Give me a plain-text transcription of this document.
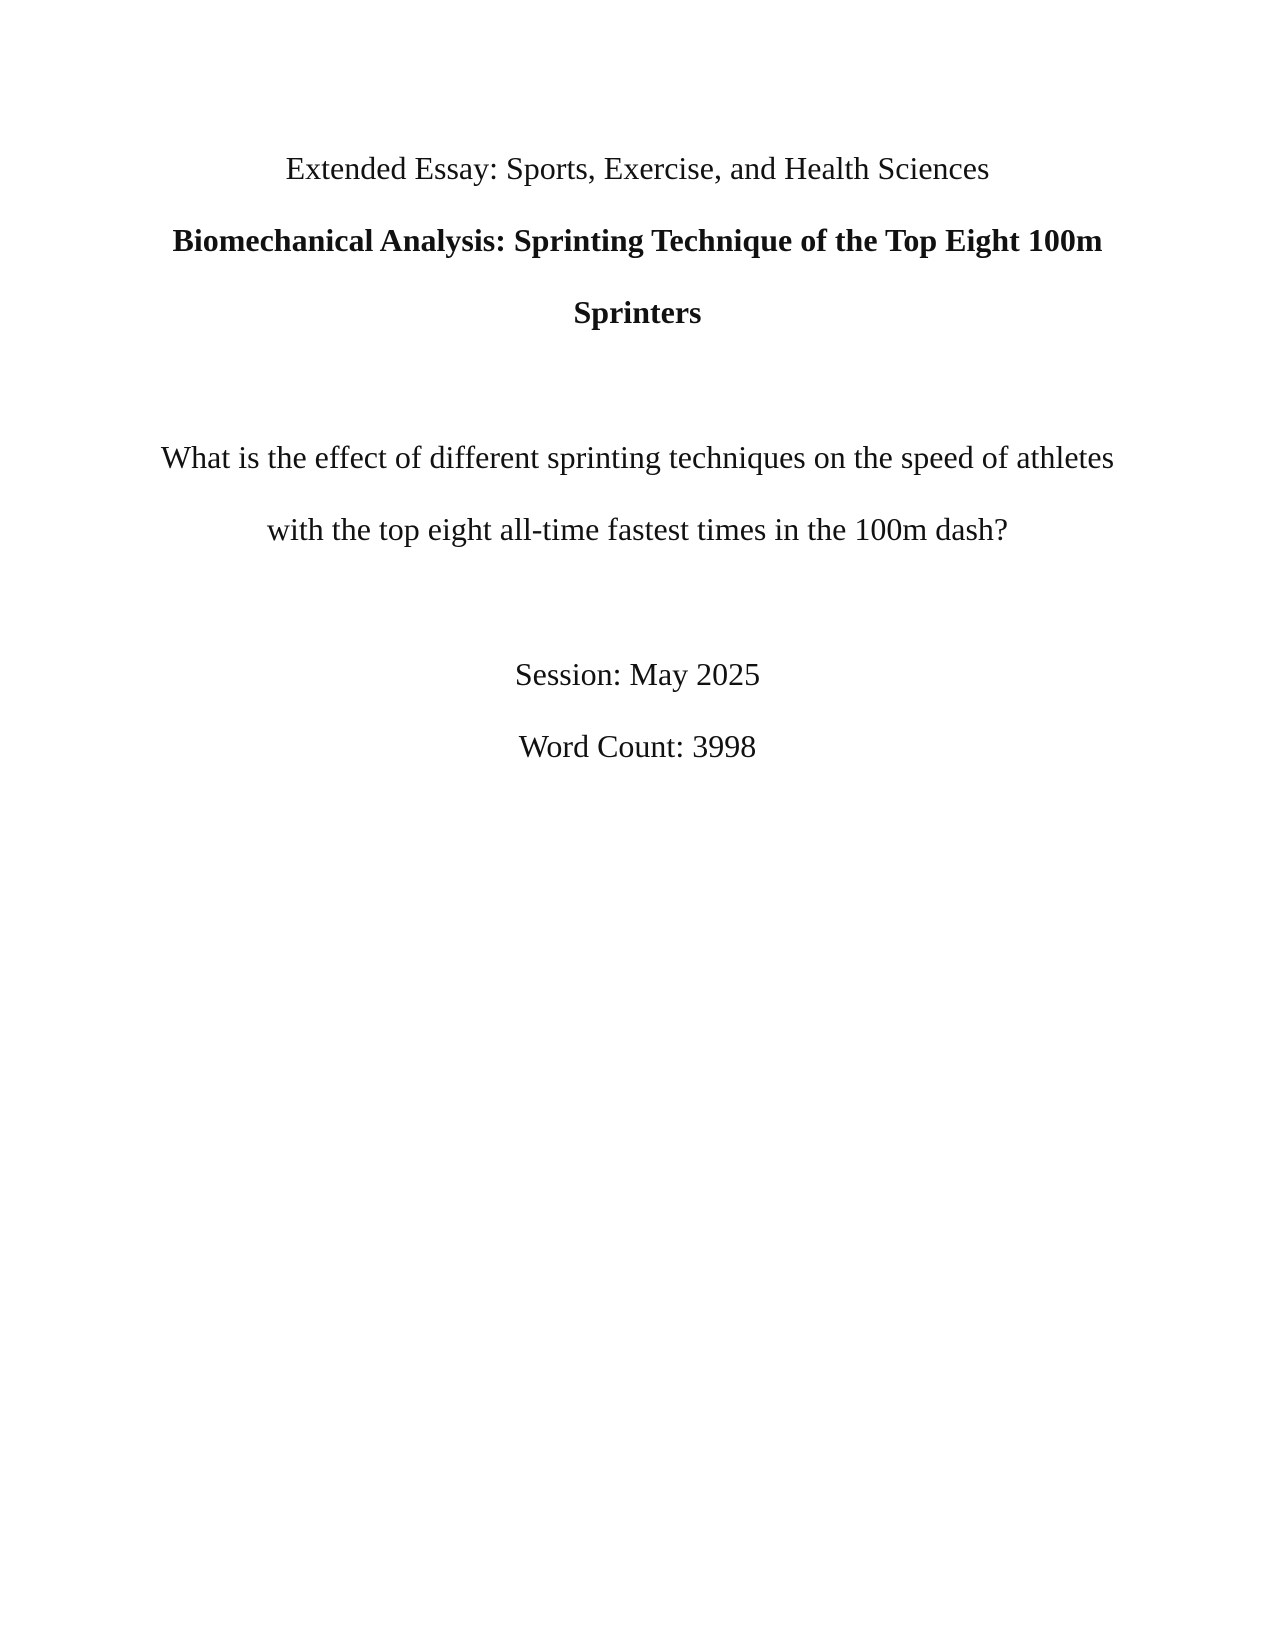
Extended Essay: Sports, Exercise, and Health Sciences
Biomechanical Analysis: Sprinting Technique of the Top Eight 100m
Sprinters
What is the effect of different sprinting techniques on the speed of athletes
with the top eight all-time fastest times in the 100m dash?
Session: May 2025
Word Count: 3998
